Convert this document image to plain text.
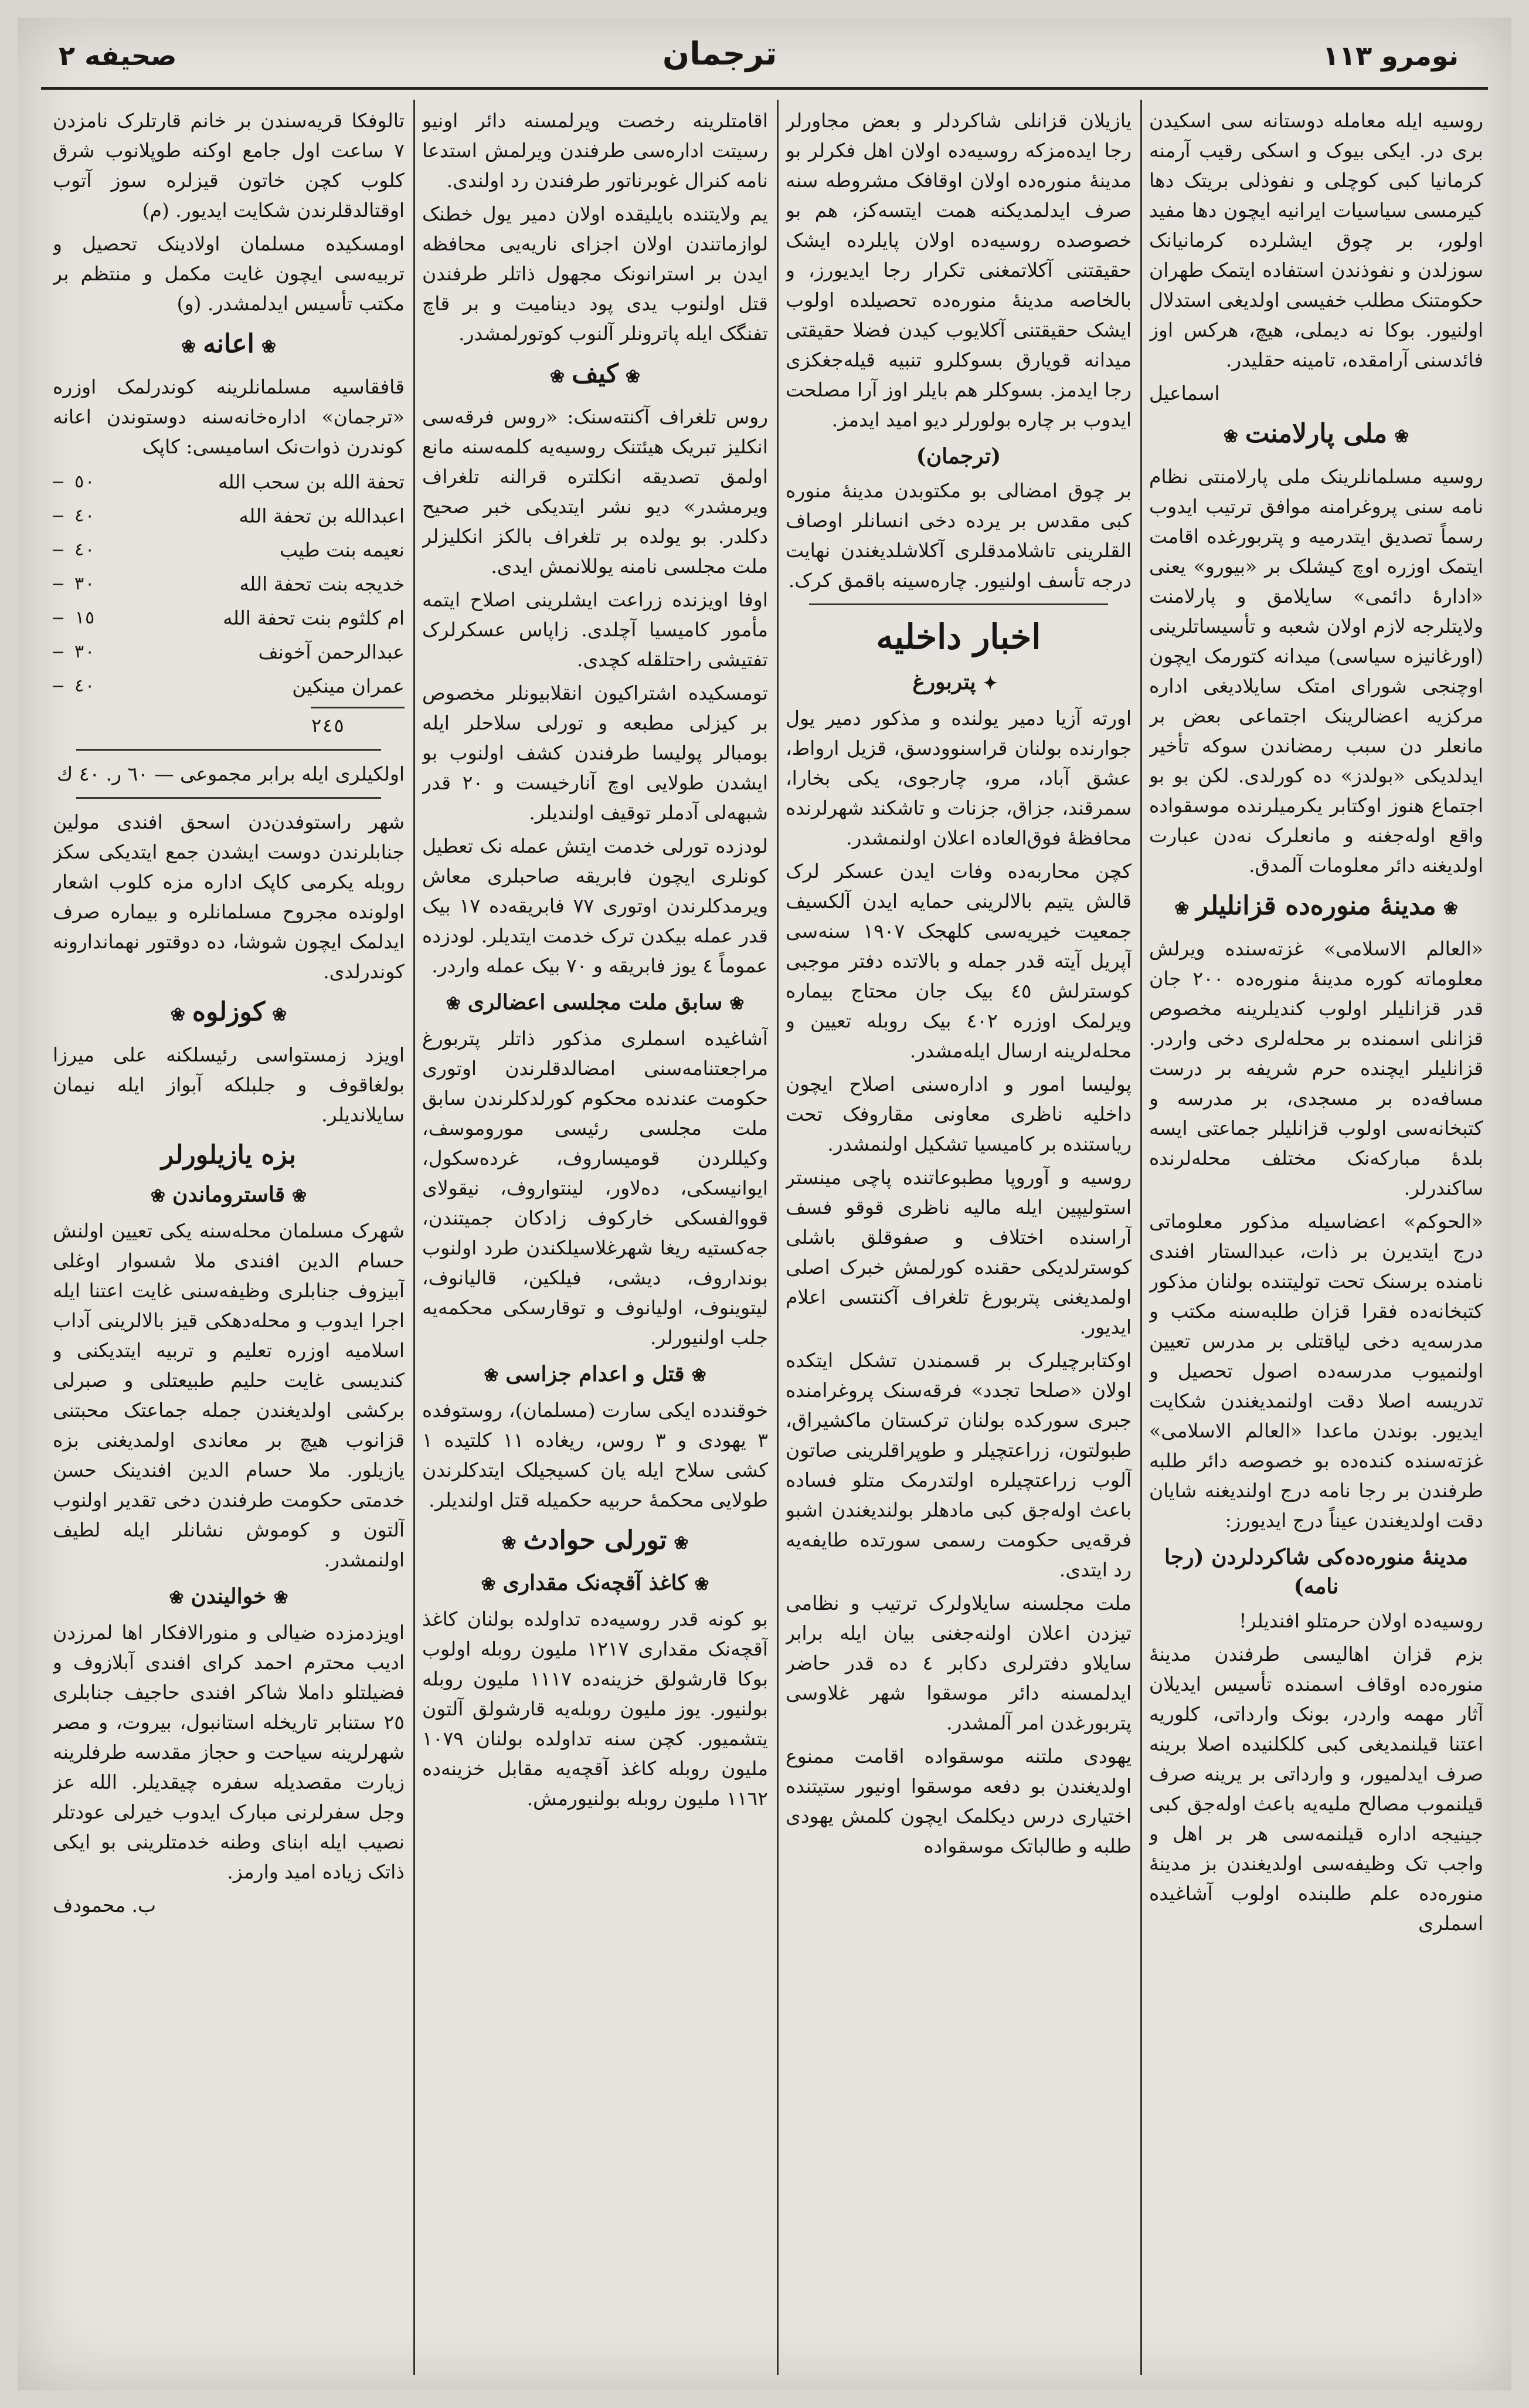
صحیفه ۲	ترجمان	نومرو ١١٣

روسیه ایله معامله دوستانه سی اسکیدن بری در. ایکی بیوک و اسکی رقیب آرمنه کرمانیا کبی کوچلی و نفوذلی بریتک دها کیرمسی سیاسیات ایرانیه ایچون دها مفید اولور، بر چوق ایشلرده کرمانیانک سوزلدن و نفوذندن استفاده ایتمک طهران حکومتنک مطلب خفیسی اولدیغی استدلال اولنیور. بوکا نه دیملی، هیچ، هرکس اوز فائدسنی آرامقده، تامینه حقلیدر.

اسماعیل
❀ملی پارلامنت❀

روسیه مسلمانلرینک ملی پارلامنتی نظام نامه سنی پروغرامنه موافق ترتیب ایدوب رسماً تصدیق ایتدرمیه و پتربورغده اقامت ایتمک اوزره اوچ کیشلک بر «بیورو» یعنی «ادارهٔ دائمی» سایلامق و پارلامنت ولایتلرجه لازم اولان شعبه و تأسیساتلرینی (اورغانیزه سیاسی) میدانه کتورمک ایچون اوچنجی شورای امتک سایلادیغی اداره مرکزیه اعضالرینک اجتماعی بعض بر مانعلر دن سبب رمضاندن سوکه تأخیر ایدلدیکی «بولدز» ده کورلدی. لکن بو بو اجتماع هنوز اوکتابر یکرمیلرنده موسقواده واقع اوله‌جغنه و مانعلرک نه‌دن عبارت اولدیغنه دائر معلومات آلمدق.

❀مدینهٔ منوره‌ده قزانلیلر❀

«العالم الاسلامی» غزته‌سنده ویرلش معلوماته کوره مدینهٔ منوره‌ده ٢٠٠ جان قدر قزانلیلر اولوب کندیلرینه مخصوص قزانلی اسمنده بر محله‌لری دخی واردر. قزانلیلر ایچنده حرم شریفه بر درست مسافه‌ده بر مسجدی، بر مدرسه و کتبخانه‌سی اولوب قزانلیلر جماعتی ایسه بلدهٔ مبارکه‌نک مختلف محله‌لرنده ساکندرلر.

«الحوکم» اعضاسیله مذکور معلوماتی درج ایتدیرن بر ذات، عبدالستار افندی نامنده برسنک تحت تولیتنده بولنان مذکور کتبخانه‌ده فقرا قزان طلبه‌سنه مکتب و مدرسه‌یه دخی لیاقتلی بر مدرس تعیین اولنمیوب مدرسه‌ده اصول تحصیل و تدریسه اصلا دقت اولنمدیغندن شکایت ایدیور. بوندن ماعدا «العالم الاسلامی» غزته‌سنده کنده‌ده بو خصوصه دائر طلبه طرفندن بر رجا نامه درج اولندیغنه شایان دقت اولدیغندن عیناً درج ایدیورز:

مدینهٔ منوره‌ده‌کی شاکردلردن (رجا نامه)

روسیه‌ده اولان حرمتلو افندیلر!

بزم قزان اهالیسی طرفندن مدینهٔ منوره‌ده اوقاف اسمنده تأسیس ایدیلان آثار مهمه واردر، بونک وارداتی، کلوریه اعتنا قیلنمدیغی کبی کلکلنیده اصلا برینه صرف ایدلمیور، و وارداتی بر یرینه صرف قیلنموب مصالح ملیه‌یه باعث اوله‌جق کبی جینیجه اداره قیلنمه‌سی هر بر اهل و واجب تک وظیفه‌سی اولدیغندن بز مدینهٔ منوره‌ده علم طلبنده اولوب آشاغیده اسملری

یازیلان قزانلی شاکردلر و بعض مجاورلر رجا ایده‌مزکه روسیه‌ده اولان اهل فکرلر بو مدینهٔ منوره‌ده اولان اوقافک مشروطه سنه صرف ایدلمدیکنه همت ایتسه‌کز، هم بو خصوصده روسیه‌ده اولان پایلرده ایشک حقیقتنی آکلاتمغنی تکرار رجا ایدیورز، و بالخاصه مدینهٔ منوره‌ده تحصیلده اولوب ایشک حقیقتنی آکلایوب کیدن فضلا حقیقتی میدانه قویارق بسوکلرو تنبیه قیله‌جغکزی رجا ایدمز. بسوکلر هم بایلر اوز آرا مصلحت ایدوب بر چاره بولورلر دیو امید ایدمز.

(ترجمان)

بر چوق امضالی بو مکتوبدن مدینهٔ منوره کبی مقدس بر یرده دخی انسانلر اوصاف القلرینی تاشلامدقلری آکلاشلدیغندن نهایت درجه تأسف اولنیور. چاره‌سینه باقمق کرک.

اخبار داخلیه
✦پتربورغ

اورته آزیا دمیر یولنده و مذکور دمیر یول جوارنده بولنان قراسنوودسق، قزیل ارواط، عشق آباد، مرو، چارجوی، یکی بخارا، سمرقند، جزاق، جزنات و تاشکند شهرلرنده محافظهٔ فوق‌العاده اعلان اولنمشدر.

کچن محاربه‌ده وفات ایدن عسکر لرک قالش یتیم بالالرینی حمایه ایدن آلکسیف جمعیت خیریه‌سی کلهجک ١٩٠٧ سنه‌سی آپریل آیته قدر جمله و بالاتده دفتر موجبی کوسترلش ٤٥ بیک جان محتاج بیماره ویرلمک اوزره ٤٠٢ بیک روبله تعیین و محله‌لرینه ارسال ایله‌مشدر.

پولیسا امور و اداره‌سنی اصلاح ایچون داخلیه ناظری معاونی مقاروفک تحت ریاستنده بر کامیسیا تشکیل اولنمشدر.

روسیه و آوروپا مطبوعاتنده پاچی مینستر استولیپین ایله مالیه ناظری قوقو فسف آراسنده اختلاف و صفوقلق باشلی کوسترلدیکی حقنده کورلمش خبرک اصلی اولمدیغنی پتربورغ تلغراف آکنتسی اعلام ایدیور.

اوکتابرچیلرک بر قسمندن تشکل ایتکده اولان «صلحا تجدد» فرقه‌سنک پروغرامنده جبری سورکده بولنان ترکستان ماکشیراق، طبولتون، زراعتچیلر و طوپراقلرینی صاتون آلوب زراعتچیلره اولتدرمک متلو فساده باعث اوله‌جق کبی مادهلر بولندیغندن اشبو فرقه‌یی حکومت رسمی سورتده طایفه‌یه رد ایتدی.

ملت مجلسنه سایلاولرک ترتیب و نظامی تیزدن اعلان اولنه‌جغنی بیان ایله برابر سایلاو دفترلری دکابر ٤ ده قدر حاضر ایدلمسنه دائر موسقوا شهر غلاوسی پتربورغدن امر آلمشدر.

یهودی ملتنه موسقواده اقامت ممنوع اولدیغندن بو دفعه موسقوا اونیور ستیتنده اختیاری درس دیکلمک ایچون کلمش یهودی طلبه و طالباتک موسقواده

اقامتلرینه رخصت ویرلمسنه دائر اونیو رسیتت اداره‌سی طرفندن ویرلمش استدعا نامه کنرال غوبرناتور طرفندن رد اولندی.

یم ولایتنده بایلیقده اولان دمیر یول خطنک لوازماتندن اولان اجزای ناریه‌یی محافظه ایدن بر استرانونک مجهول ذاتلر طرفندن قتل اولنوب یدی پود دینامیت و بر قاچ تفنگک ایله پاترونلر آلنوب کوتورلمشدر.

❀کیف❀

روس تلغراف آکنته‌سنک: «روس فرقه‌سی انکلیز تبریک هیئتنک روسیه‌یه کلمه‌سنه مانع اولمق تصدیقه انکلتره قرالنه تلغراف ویرمشدر» دیو نشر ایتدیکی خبر صحیح دکلدر. بو یولده بر تلغراف بالکز انکلیزلر ملت مجلسی نامنه یوللانمش ایدی.

اوفا اویزنده زراعت ایشلرینی اصلاح ایتمه مأمور کامیسیا آچلدی. زاپاس عسکرلرک تفتیشی راحتلقله کچدی.

تومسکیده اشتراکیون انقلابیونلر مخصوص بر کیزلی مطبعه و تورلی سلاحلر ایله بومبالر پولیسا طرفندن کشف اولنوب بو ایشدن طولایی اوچ آنارخیست و ٢٠ قدر شبهه‌لی آدملر توقیف اولندیلر.

لودزده تورلی خدمت ایتش عمله نک تعطیل کونلری ایچون فابریقه صاحبلری معاش ویرمدکلرندن اوتوری ٧٧ فابریقه‌ده ١٧ بیک قدر عمله بیکدن ترک خدمت ایتدیلر. لودزده عموماً ٤ یوز فابریقه و ٧٠ بیک عمله واردر.

❀سابق ملت مجلسی اعضالری❀

آشاغیده اسملری مذکور ذاتلر پتربورغ مراجعتنامه‌سنی امضالدقلرندن اوتوری حکومت عندنده محکوم کورلدکلرندن سابق ملت مجلسی رئیسی موروموسف، وکیللردن قومیساروف، غرده‌سکول، ایوانیسکی، ده‌لاور، لینتواروف، نیقولای قووالفسکی خارکوف زادکان جمیتندن، جه‌کستیه ریغا شهرغلاسیلکندن طرد اولنوب بونداروف، دیشی، فیلکین، قالیانوف، لیتوینوف، اولیانوف و توقارسکی محکمه‌یه جلب اولنیورلر.

❀قتل و اعدام جزاسی❀

خوقندده ایکی سارت (مسلمان)، روستوفده ٣ یهودی و ٣ روس، ریغاده ١١ کلتیده ١ کشی سلاح ایله یان کسیجیلک ایتدکلرندن طولایی محکمهٔ حربیه حکمیله قتل اولندیلر.

❀تورلی حوادث❀
❀کاغذ آقچه‌نک مقداری❀

بو کونه قدر روسیه‌ده تداولده بولنان کاغذ آقچه‌نک مقداری ١٢١٧ ملیون روبله اولوب بوکا قارشولق خزینه‌ده ١١١٧ ملیون روبله بولنیور. یوز ملیون روبله‌یه قارشولق آلتون یتشمیور. کچن سنه تداولده بولنان ١٠٧٩ ملیون روبله کاغذ آقچه‌یه مقابل خزینه‌ده ١١٦٢ ملیون روبله بولنیورمش.

تالوفکا قریه‌سندن بر خانم قارتلرک نامزدن ٧ ساعت اول جامع اوکنه طوپلانوب شرق کلوب کچن خاتون قیزلره سوز آتوب اوقتالدقلرندن شکایت ایدیور. (م)

اومسکیده مسلمان اولادینک تحصیل و تربیه‌سی ایچون غایت مکمل و منتظم بر مکتب تأسیس ایدلمشدر. (و)

❀اعانه❀

قافقاسیه مسلمانلرینه کوندرلمک اوزره «ترجمان» اداره‌خانه‌سنه دوستوندن اعانه کوندرن ذوات‌نک اسامیسی: کاپک

تحفة الله بن سحب الله
— ٥٠
اعبدالله بن تحفة الله
— ٤٠
نعیمه بنت طیب
— ٤٠
خدیجه بنت تحفة الله
— ٣٠
ام کلثوم بنت تحفة الله
— ١٥
عبدالرحمن آخونف
— ٣٠
عمران مینکین
— ٤٠
٢٤٥

اولکیلری ایله برابر مجموعی — ٦٠ ر. ٤٠ ك

شهر راستوفدن‌دن اسحق افندی مولین جنابلرندن دوست ایشدن جمع ایتدیکی سکز روبله یکرمی کاپک اداره مزه کلوب اشعار اولونده مجروح مسلمانلره و بیماره صرف ایدلمک ایچون شوشا، ده دوقتور نهماندارونه کوندرلدی.

❀کوزلوه❀

اویزد زمستواسی رئیسلکنه علی میرزا بولغاقوف و جلبلکه آبواز ایله نیمان سایلاندیلر.

بزه یازیلورلر
❀قاستروماندن❀

شهرک مسلمان محله‌سنه یکی تعیین اولنش حسام الدین افندی ملا شسوار اوغلی آبیزوف جنابلری وظیفه‌سنی غایت اعتنا ایله اجرا ایدوب و محله‌دهکی قیز بالالرینی آداب اسلامیه اوزره تعلیم و تربیه ایتدیکنی و کندیسی غایت حلیم طبیعتلی و صبرلی برکشی اولدیغندن جمله جماعتک محبتنی قزانوب هیچ بر معاندی اولمدیغنی بزه یازیلور. ملا حسام الدین افندینک حسن خدمتی حکومت طرفندن دخی تقدیر اولنوب آلتون و کوموش نشانلر ایله لطیف اولنمشدر.

❀خوالیندن❀

اویزدمزده ضیالی و منورالافکار اها لمرزدن ادیب محترم احمد کرای افندی آبلازوف و فضیلتلو داملا شاکر افندی حاجیف جنابلری ٢٥ ستنابر تاریخله استانبول، بیروت، و مصر شهرلرینه سیاحت و حجاز مقدسه طرفلرینه زیارت مقصدیله سفره چیقدیلر. الله عز وجل سفرلرنی مبارک ایدوب خیرلی عودتلر نصیب ایله ابنای وطنه خدمتلرینی بو ایکی ذاتک زیاده امید وارمز.

ب. محمودف
